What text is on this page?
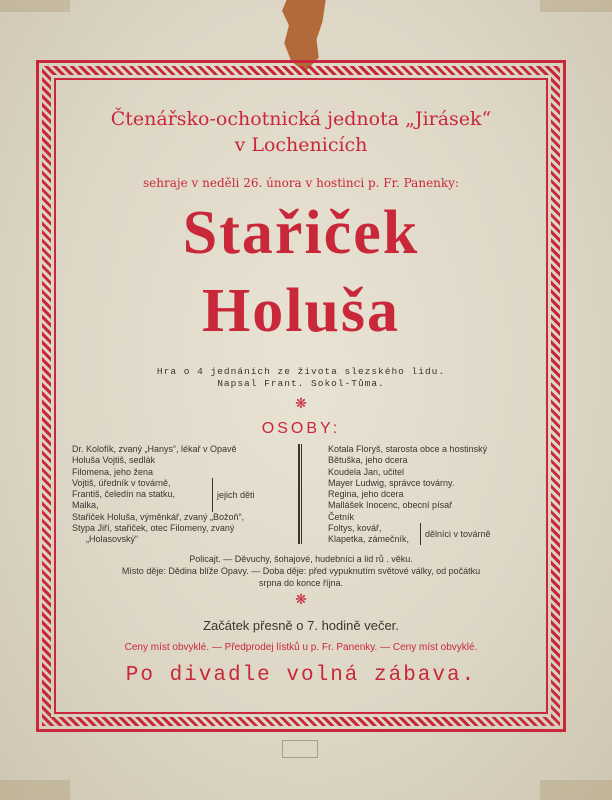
Čtenářsko-ochotnická jednota „Jirásek“
v Lochenicích
sehraje v neděli 26. února v hostinci p. Fr. Panenky:
Stařiček
Holuša
Hra o 4 jednáních ze života slezského lidu.
Napsal Frant. Sokol-Tůma.
❋
OSOBY:
Dr. Kolofík, zvaný „Hanys“, lékař v Opavě
Holuša Vojtiš, sedlák
Filomena, jeho žena
Vojtiš, úředník v továrně,
Františ, čeledín na statku,
Malka,
Stařiček Holuša, výměnkář, zvaný „Božoň“,
Stypa Jiří, stařiček, otec Filomeny, zvaný
„Holasovský“
jejich děti
Kotala Floryš, starosta obce a hostinský
Bětuška, jeho dcera
Koudela Jan, učitel
Mayer Ludwig, správce továrny.
Regina, jeho dcera
Mallášek Inocenc, obecní písař
Četník
Foltys, kovář,
Klapetka, zámečník,
dělníci v továrně
Policajt. — Děvuchy, šohajové, hudebníci a lid rů . věku.
Místo děje: Dědina blíže Opavy. — Doba děje: před vypuknutím světové války, od počátku
srpna do konce října.
❋
Začátek přesně o 7. hodině večer.
Ceny míst obvyklé. — Předprodej lístků u p. Fr. Panenky. — Ceny míst obvyklé.
Po divadle volná zábava.
